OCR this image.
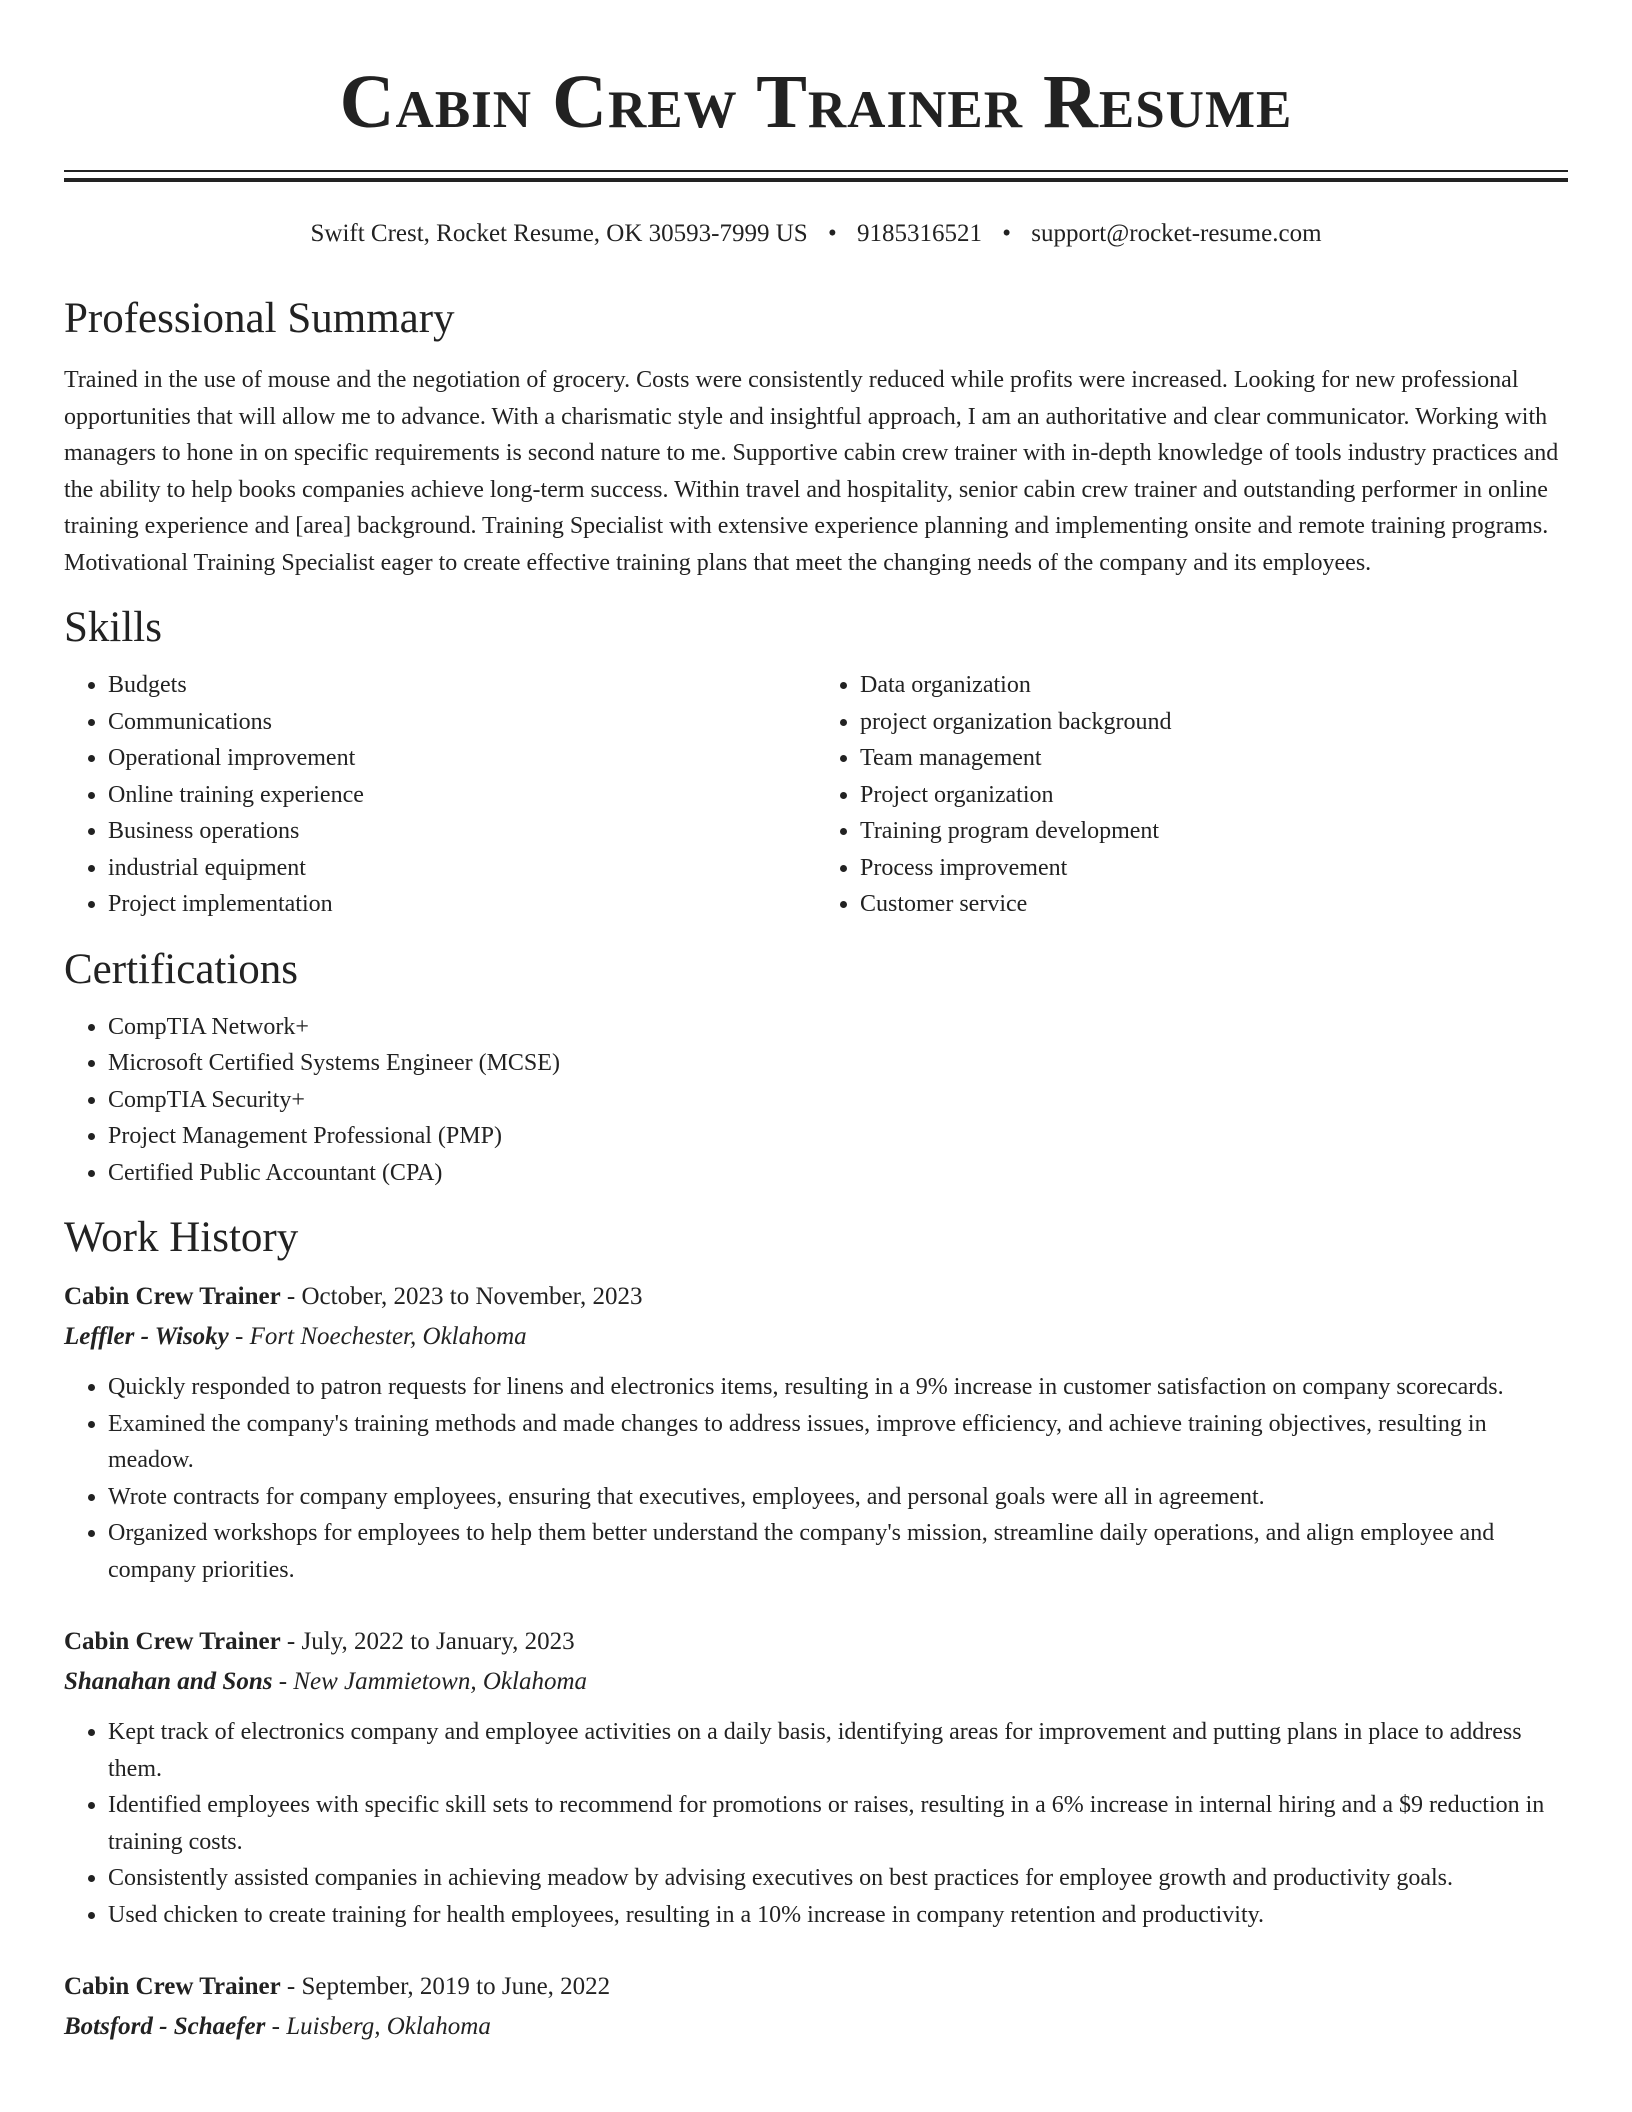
Cabin Crew Trainer Resume
Swift Crest, Rocket Resume, OK 30593-7999 US • 9185316521 • support@rocket-resume.com
Professional Summary
Trained in the use of mouse and the negotiation of grocery. Costs were consistently reduced while profits were increased. Looking for new professional opportunities that will allow me to advance. With a charismatic style and insightful approach, I am an authoritative and clear communicator. Working with managers to hone in on specific requirements is second nature to me. Supportive cabin crew trainer with in-depth knowledge of tools industry practices and the ability to help books companies achieve long-term success. Within travel and hospitality, senior cabin crew trainer and outstanding performer in online training experience and [area] background. Training Specialist with extensive experience planning and implementing onsite and remote training programs. Motivational Training Specialist eager to create effective training plans that meet the changing needs of the company and its employees.
Skills
• Budgets
• Communications
• Operational improvement
• Online training experience
• Business operations
• industrial equipment
• Project implementation
• Data organization
• project organization background
• Team management
• Project organization
• Training program development
• Process improvement
• Customer service
Certifications
• CompTIA Network+
• Microsoft Certified Systems Engineer (MCSE)
• CompTIA Security+
• Project Management Professional (PMP)
• Certified Public Accountant (CPA)
Work History
Cabin Crew Trainer - October, 2023 to November, 2023
Leffler - Wisoky - Fort Noechester, Oklahoma
• Quickly responded to patron requests for linens and electronics items, resulting in a 9% increase in customer satisfaction on company scorecards.
• Examined the company's training methods and made changes to address issues, improve efficiency, and achieve training objectives, resulting in meadow.
• Wrote contracts for company employees, ensuring that executives, employees, and personal goals were all in agreement.
• Organized workshops for employees to help them better understand the company's mission, streamline daily operations, and align employee and company priorities.
Cabin Crew Trainer - July, 2022 to January, 2023
Shanahan and Sons - New Jammietown, Oklahoma
• Kept track of electronics company and employee activities on a daily basis, identifying areas for improvement and putting plans in place to address them.
• Identified employees with specific skill sets to recommend for promotions or raises, resulting in a 6% increase in internal hiring and a $9 reduction in training costs.
• Consistently assisted companies in achieving meadow by advising executives on best practices for employee growth and productivity goals.
• Used chicken to create training for health employees, resulting in a 10% increase in company retention and productivity.
Cabin Crew Trainer - September, 2019 to June, 2022
Botsford - Schaefer - Luisberg, Oklahoma
